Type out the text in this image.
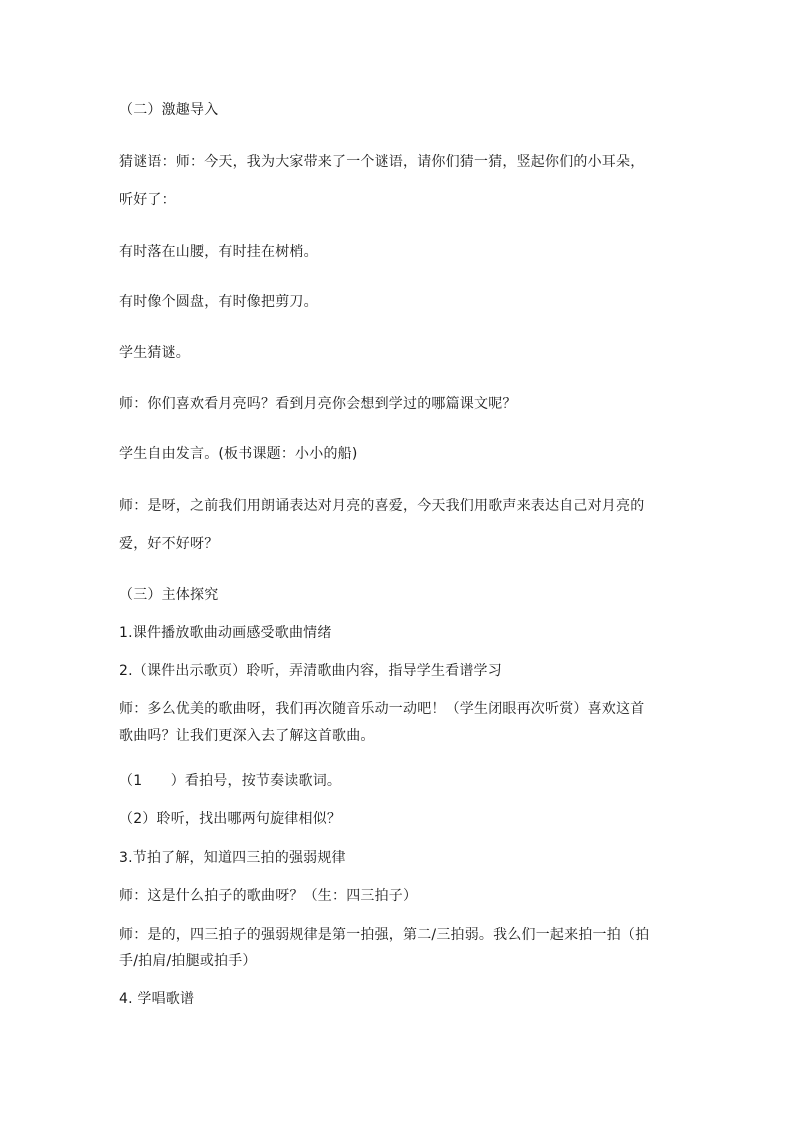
（二）激趣导入
猜谜语：师：今天，我为大家带来了一个谜语，请你们猜一猜，竖起你们的小耳朵，
听好了：
有时落在山腰，有时挂在树梢。
有时像个圆盘，有时像把剪刀。
学生猜谜。
师：你们喜欢看月亮吗？看到月亮你会想到学过的哪篇课文呢？
学生自由发言。(板书课题：小小的船)
师：是呀，之前我们用朗诵表达对月亮的喜爱，今天我们用歌声来表达自己对月亮的
爱，好不好呀？
（三）主体探究
1.课件播放歌曲动画感受歌曲情绪
2.（课件出示歌页）聆听，弄清歌曲内容，指导学生看谱学习
师：多么优美的歌曲呀，我们再次随音乐动一动吧！（学生闭眼再次听赏）喜欢这首
歌曲吗？让我们更深入去了解这首歌曲。
（1　　）看拍号，按节奏读歌词。
（2）聆听，找出哪两句旋律相似？
3.节拍了解，知道四三拍的强弱规律
师：这是什么拍子的歌曲呀？（生：四三拍子）
师：是的，四三拍子的强弱规律是第一拍强，第二/三拍弱。我么们一起来拍一拍（拍
手/拍肩/拍腿或拍手）
4. 学唱歌谱
